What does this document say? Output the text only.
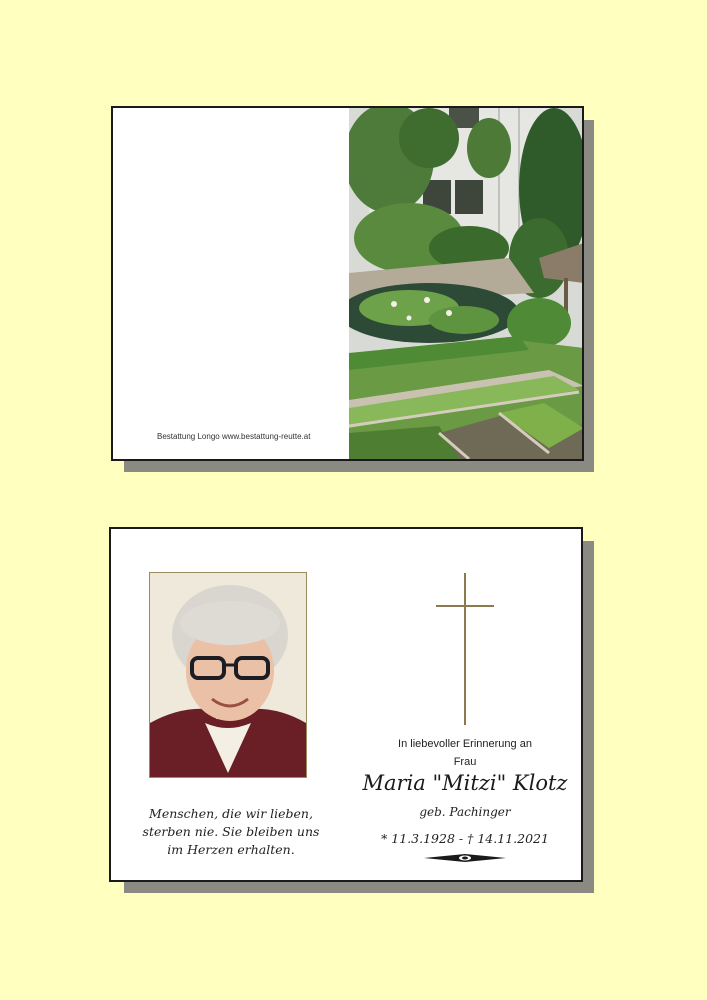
Bestattung Longo www.bestattung-reutte.at
Menschen, die wir lieben,
sterben nie. Sie bleiben uns
im Herzen erhalten.
In liebevoller Erinnerung an
Frau
Maria "Mitzi" Klotz
geb. Pachinger
* 11.3.1928 - † 14.11.2021
